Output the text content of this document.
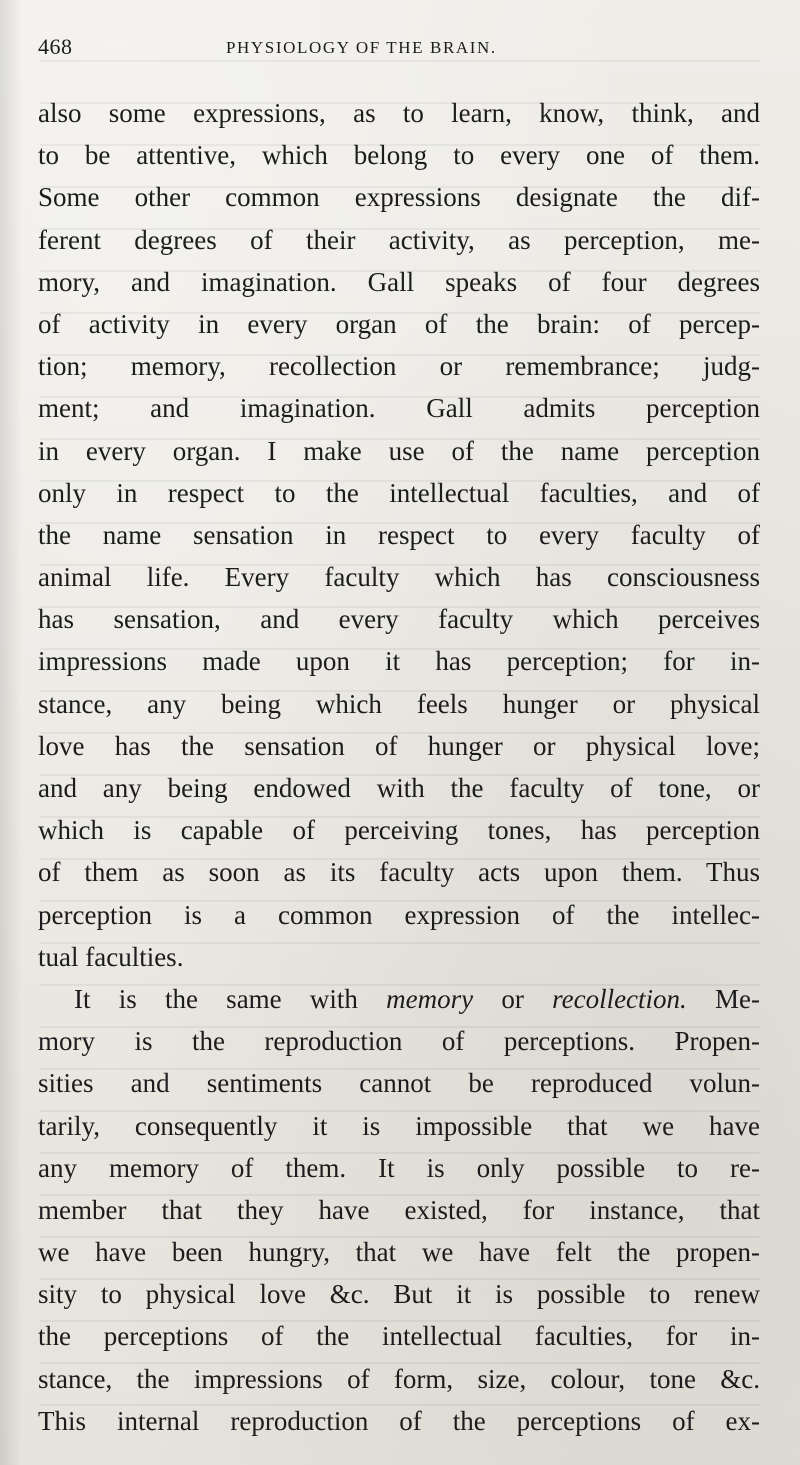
468	PHYSIOLOGY OF THE BRAIN.
also some expressions, as to learn, know, think, and
to be attentive, which belong to every one of them.
Some other common expressions designate the dif-
ferent degrees of their activity, as perception, me-
mory, and imagination. Gall speaks of four degrees
of activity in every organ of the brain: of percep-
tion; memory, recollection or remembrance; judg-
ment; and imagination. Gall admits perception
in every organ. I make use of the name perception
only in respect to the intellectual faculties, and of
the name sensation in respect to every faculty of
animal life. Every faculty which has consciousness
has sensation, and every faculty which perceives
impressions made upon it has perception; for in-
stance, any being which feels hunger or physical
love has the sensation of hunger or physical love;
and any being endowed with the faculty of tone, or
which is capable of perceiving tones, has perception
of them as soon as its faculty acts upon them. Thus
perception is a common expression of the intellec-
tual faculties.
It is the same with memory or recollection. Me-
mory is the reproduction of perceptions. Propen-
sities and sentiments cannot be reproduced volun-
tarily, consequently it is impossible that we have
any memory of them. It is only possible to re-
member that they have existed, for instance, that
we have been hungry, that we have felt the propen-
sity to physical love &c. But it is possible to renew
the perceptions of the intellectual faculties, for in-
stance, the impressions of form, size, colour, tone &c.
This internal reproduction of the perceptions of ex-
